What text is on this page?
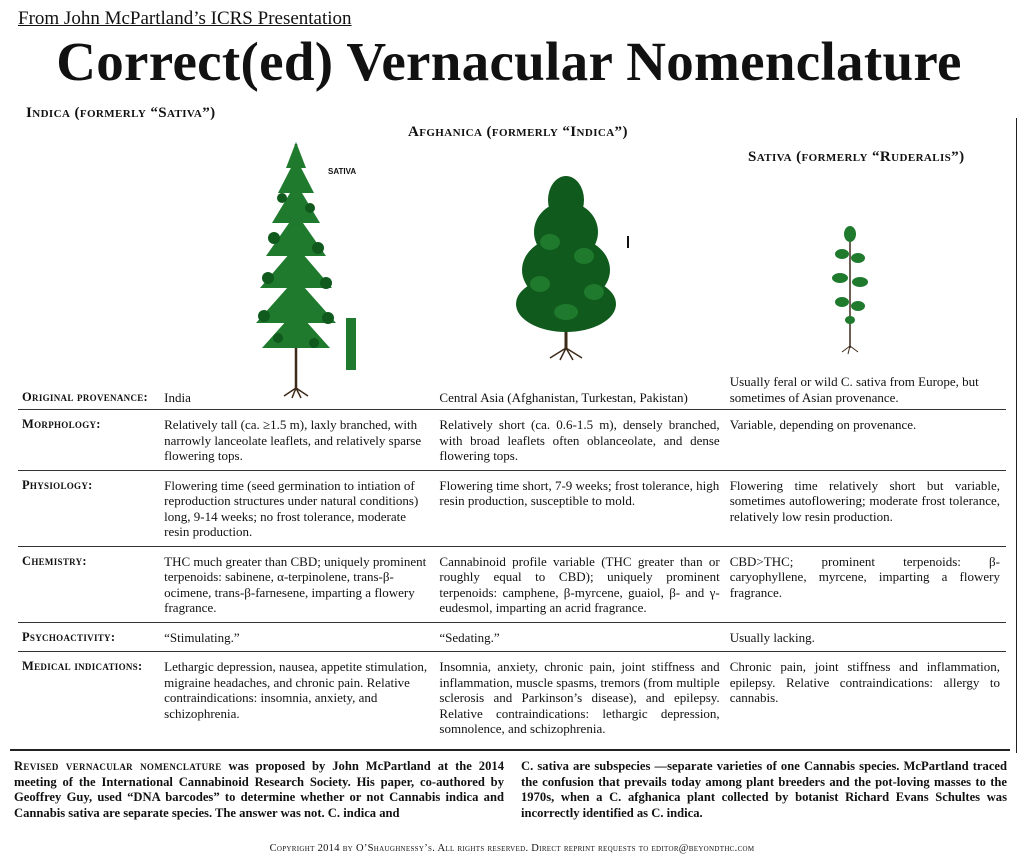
From John McPartland’s ICRS Presentation
Correct(ed) Vernacular Nomenclature
Indica (formerly “Sativa”)
Afghanica (formerly “Indica”)
Sativa (formerly “Ruderalis”)
SATIVA
Original provenance:	India	Central Asia (Afghanistan, Turkestan, Pakistan)	Usually feral or wild C. sativa from Europe, but sometimes of Asian provenance.
Morphology:	Relatively tall (ca. ≥1.5 m), laxly branched, with narrowly lanceolate leaflets, and relatively sparse flowering tops.	Relatively short (ca. 0.6-1.5 m), densely branched, with broad leaflets often oblanceolate, and dense flowering tops.	Variable, depending on provenance.
Physiology:	Flowering time (seed germination to intiation of reproduction structures under natural conditions) long, 9-14 weeks; no frost tolerance, moderate resin production.	Flowering time short, 7-9 weeks; frost tolerance, high resin production, susceptible to mold.	Flowering time relatively short but variable, sometimes autoflowering; moderate frost tolerance, relatively low resin production.
Chemistry:	THC much greater than CBD; uniquely prominent terpenoids: sabinene, α-terpinolene, trans-β-ocimene, trans-β-farnesene, imparting a flowery fragrance.	Cannabinoid profile variable (THC greater than or roughly equal to CBD); uniquely prominent terpenoids: camphene, β-myrcene, guaiol, β- and γ-eudesmol, imparting an acrid fragrance.	CBD>THC; prominent terpenoids: β-caryophyllene, myrcene, imparting a flowery fragrance.
Psychoactivity:	“Stimulating.”	“Sedating.”	Usually lacking.
Medical indications:	Lethargic depression, nausea, appetite stimulation, migraine headaches, and chronic pain. Relative contraindications: insomnia, anxiety, and schizophrenia.	Insomnia, anxiety, chronic pain, joint stiffness and inflammation, muscle spasms, tremors (from multiple sclerosis and Parkinson’s disease), and epilepsy. Relative contraindications: lethargic depression, somnolence, and schizophrenia.	Chronic pain, joint stiffness and inflammation, epilepsy. Relative contraindications: allergy to cannabis.
Revised vernacular nomenclature was proposed by John McPartland at the 2014 meeting of the International Cannabinoid Research Society. His paper, co-authored by Geoffrey Guy, used “DNA barcodes” to determine whether or not Cannabis indica and Cannabis sativa are separate species. The answer was not. C. indica and
C. sativa are subspecies —separate varieties of one Cannabis species. McPartland traced the confusion that prevails today among plant breeders and the pot-loving masses to the 1970s, when a C. afghanica plant collected by botanist Richard Evans Schultes was incorrectly identified as C. indica.
Copyright 2014 by O’Shaughnessy’s. All rights reserved. Direct reprint requests to editor@beyondthc.com
